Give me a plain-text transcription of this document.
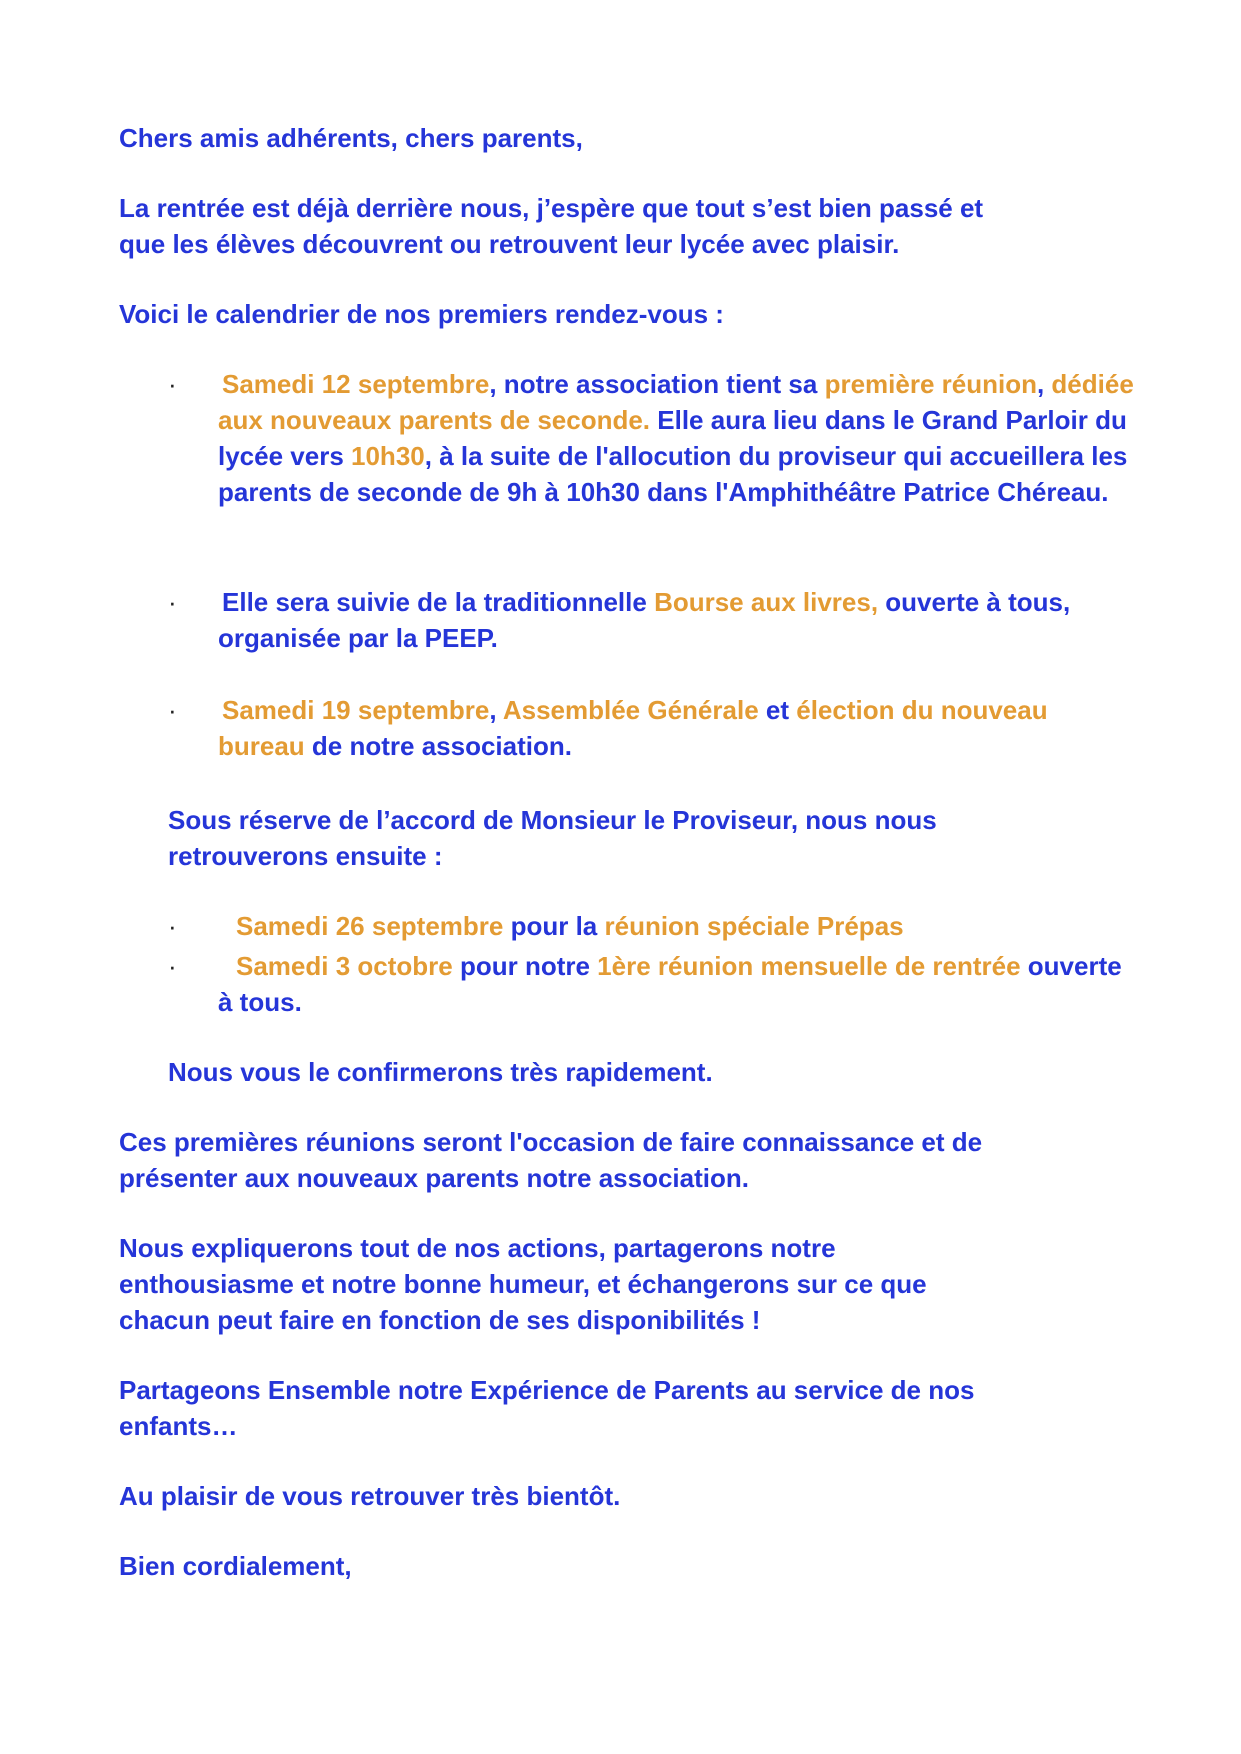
Chers amis adhérents, chers parents,

La rentrée est déjà derrière nous, j’espère que tout s’est bien passé et
que les élèves découvrent ou retrouvent leur lycée avec plaisir.

Voici le calendrier de nos premiers rendez-vous :

· Samedi 12 septembre, notre association tient sa première réunion, dédiée aux nouveaux parents de seconde. Elle aura lieu dans le Grand Parloir du lycée vers 10h30, à la suite de l'allocution du proviseur qui accueillera les parents de seconde de 9h à 10h30 dans l'Amphithéâtre Patrice Chéreau.
· Elle sera suivie de la traditionnelle Bourse aux livres, ouverte à tous, organisée par la PEEP.
· Samedi 19 septembre, Assemblée Générale et élection du nouveau bureau de notre association.
Sous réserve de l’accord de Monsieur le Proviseur, nous nous
retrouverons ensuite :
·	Samedi 26 septembre pour la réunion spéciale Prépas
·	Samedi 3 octobre pour notre 1ère réunion mensuelle de rentrée ouverte à tous.

Nous vous le confirmerons très rapidement.

Ces premières réunions seront l'occasion de faire connaissance et de
présenter aux nouveaux parents notre association.
Nous expliquerons tout de nos actions, partagerons notre
enthousiasme et notre bonne humeur, et échangerons sur ce que
chacun peut faire en fonction de ses disponibilités !
Partageons Ensemble notre Expérience de Parents au service de nos
enfants…

Au plaisir de vous retrouver très bientôt.

Bien cordialement,
